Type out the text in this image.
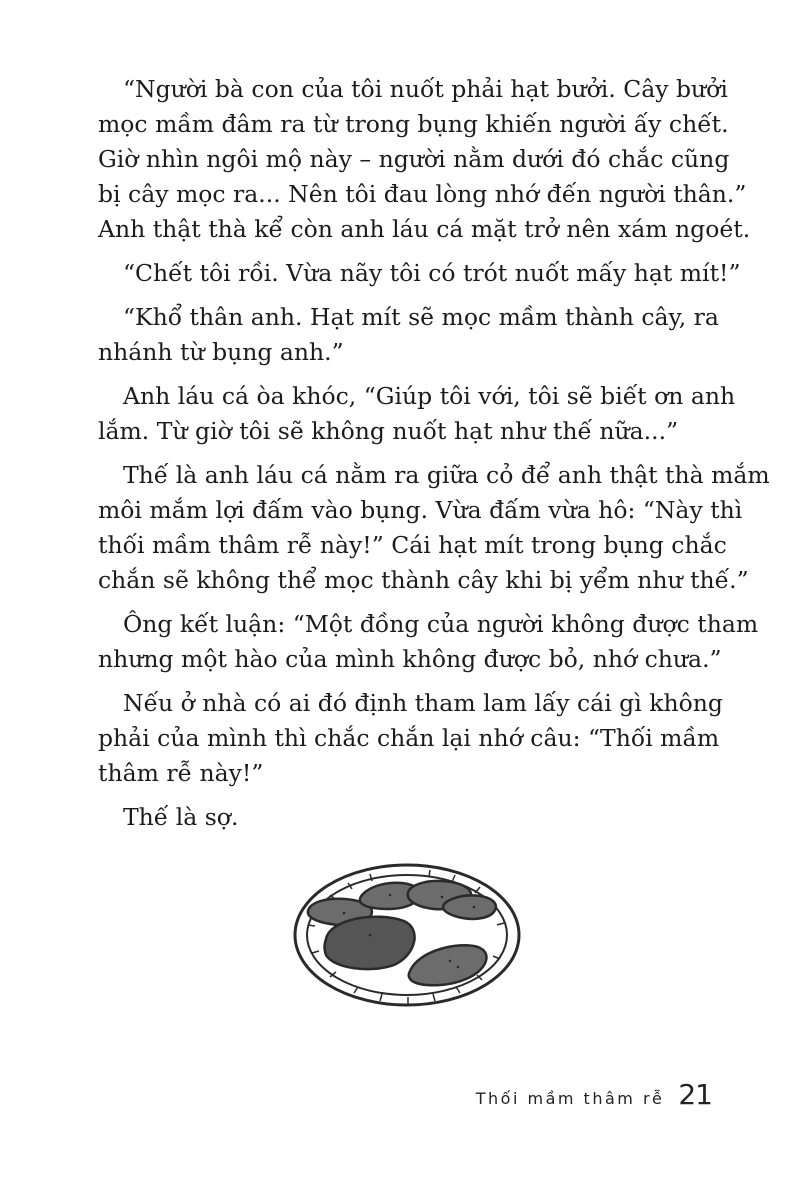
“Người bà con của tôi nuốt phải hạt bưởi. Cây bưởi
mọc mầm đâm ra từ trong bụng khiến người ấy chết.
Giờ nhìn ngôi mộ này – người nằm dưới đó chắc cũng
bị cây mọc ra... Nên tôi đau lòng nhớ đến người thân.”
Anh thật thà kể còn anh láu cá mặt trở nên xám ngoét.
“Chết tôi rồi. Vừa nãy tôi có trót nuốt mấy hạt mít!”
“Khổ thân anh. Hạt mít sẽ mọc mầm thành cây, ra
nhánh từ bụng anh.”
Anh láu cá òa khóc, “Giúp tôi với, tôi sẽ biết ơn anh
lắm. Từ giờ tôi sẽ không nuốt hạt như thế nữa...”
Thế là anh láu cá nằm ra giữa cỏ để anh thật thà mắm
môi mắm lợi đấm vào bụng. Vừa đấm vừa hô: “Này thì
thối mầm thâm rễ này!” Cái hạt mít trong bụng chắc
chắn sẽ không thể mọc thành cây khi bị yểm như thế.”
Ông kết luận: “Một đồng của người không được tham
nhưng một hào của mình không được bỏ, nhớ chưa.”
Nếu ở nhà có ai đó định tham lam lấy cái gì không
phải của mình thì chắc chắn lại nhớ câu: “Thối mầm
thâm rễ này!”
Thế là sợ.
Thối mầm thâm rễ 21
